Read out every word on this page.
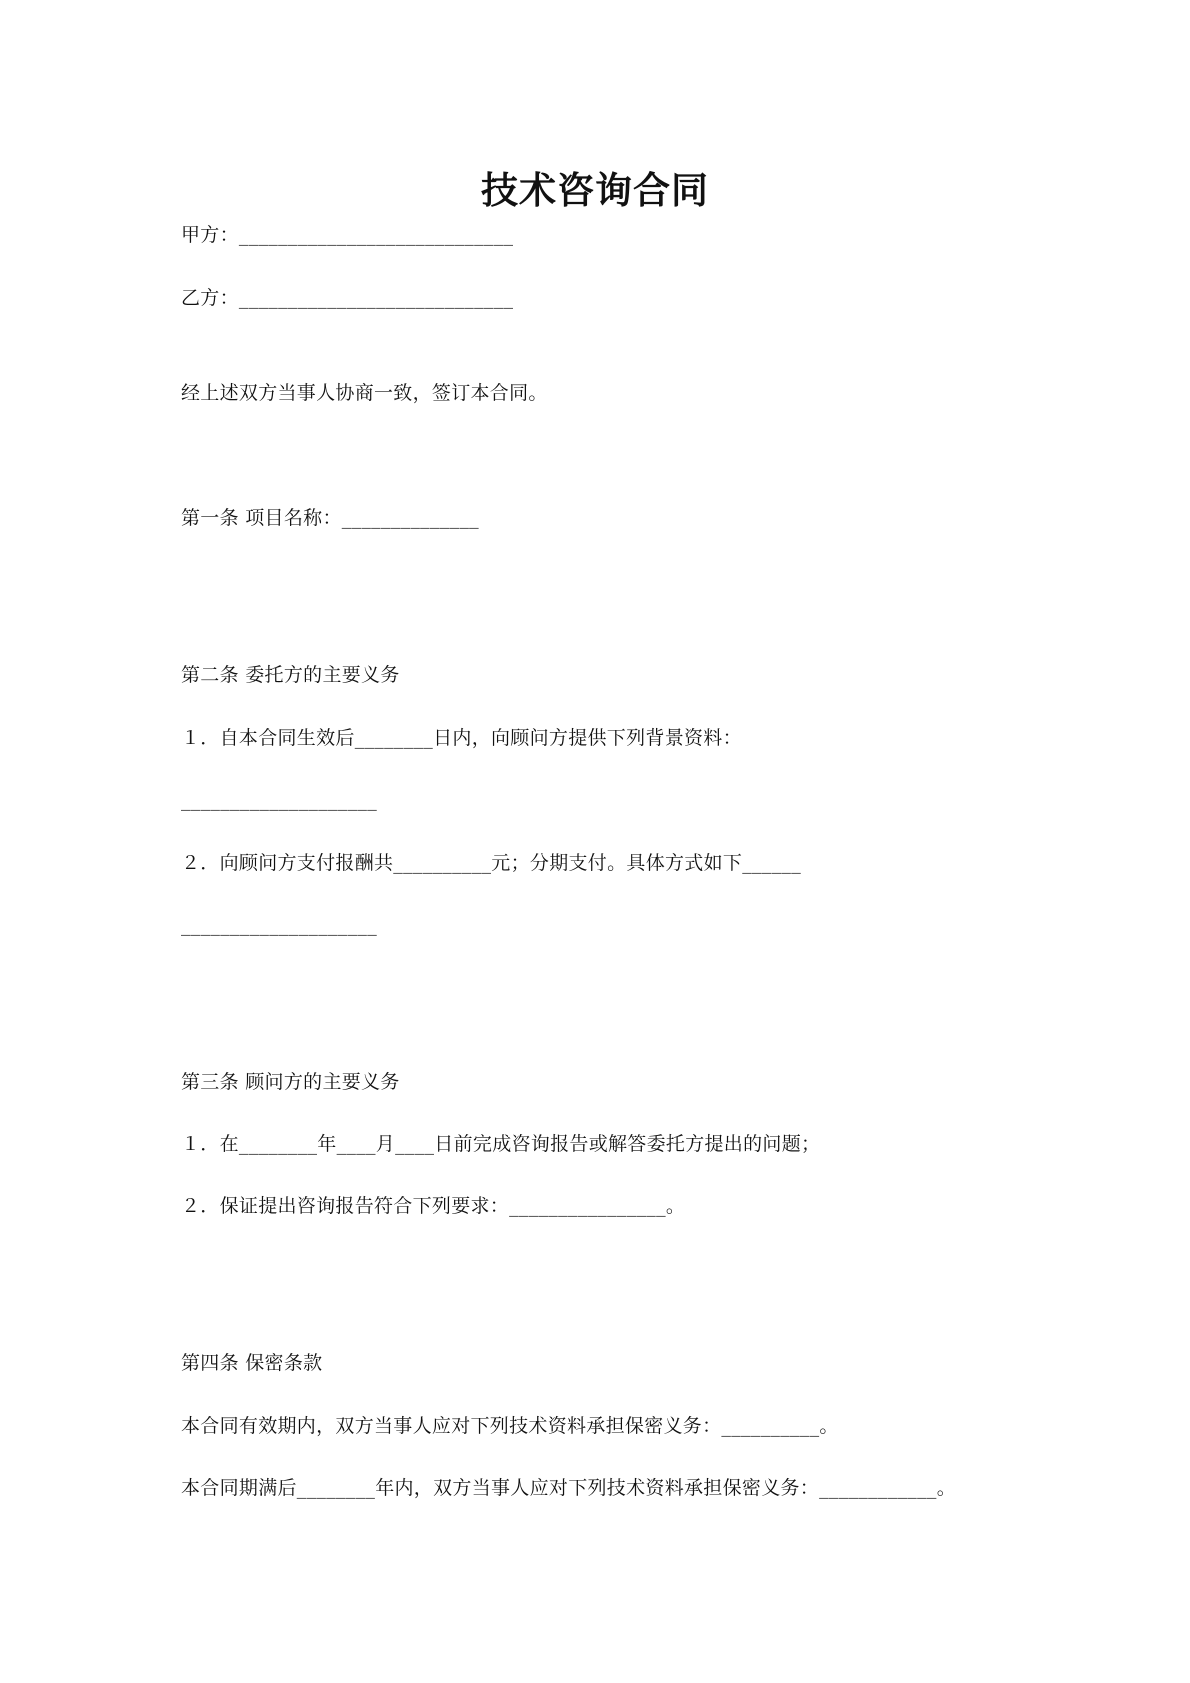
技术咨询合同
甲方：____________________________
乙方：____________________________
经上述双方当事人协商一致，签订本合同。
第一条 项目名称：______________
第二条 委托方的主要义务
１．自本合同生效后________日内，向顾问方提供下列背景资料：
____________________
２．向顾问方支付报酬共__________元；分期支付。具体方式如下______
____________________
第三条 顾问方的主要义务
１．在________年____月____日前完成咨询报告或解答委托方提出的问题；
２．保证提出咨询报告符合下列要求：________________。
第四条 保密条款
本合同有效期内，双方当事人应对下列技术资料承担保密义务：__________。
本合同期满后________年内，双方当事人应对下列技术资料承担保密义务：____________。
